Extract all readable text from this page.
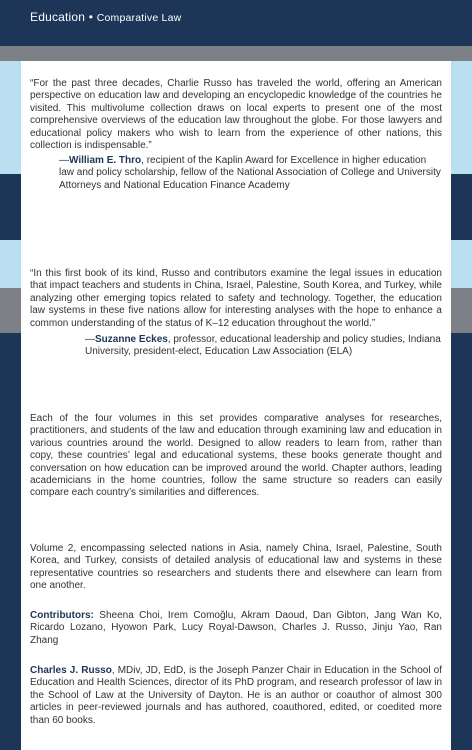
Education • Comparative Law
“For the past three decades, Charlie Russo has traveled the world, offering an American perspective on education law and developing an encyclopedic knowledge of the countries he visited. This multivolume collection draws on local experts to present one of the most comprehensive overviews of the education law throughout the globe. For those lawyers and educational policy makers who wish to learn from the experience of other nations, this collection is indispensable.”
—William E. Thro, recipient of the Kaplin Award for Excellence in higher education law and policy scholarship, fellow of the National Association of College and University Attorneys and National Education Finance Academy
“In this first book of its kind, Russo and contributors examine the legal issues in education that impact teachers and students in China, Israel, Palestine, South Korea, and Turkey, while analyzing other emerging topics related to safety and technology. Together, the education law systems in these five nations allow for interesting analyses with the hope to enhance a common understanding of the status of K–12 education throughout the world.”
—Suzanne Eckes, professor, educational leadership and policy studies, Indiana University, president-elect, Education Law Association (ELA)
Each of the four volumes in this set provides comparative analyses for researches, practitioners, and students of the law and education through examining law and education in various countries around the world. Designed to allow readers to learn from, rather than copy, these countries’ legal and educational systems, these books generate thought and conversation on how education can be improved around the world. Chapter authors, leading academicians in the home countries, follow the same structure so readers can easily compare each country’s similarities and differences.
Volume 2, encompassing selected nations in Asia, namely China, Israel, Palestine, South Korea, and Turkey, consists of detailed analysis of educational law and systems in these representative countries so researchers and students there and elsewhere can learn from one another.
Contributors: Sheena Choi, Irem Comoğlu, Akram Daoud, Dan Gibton, Jang Wan Ko, Ricardo Lozano, Hyowon Park, Lucy Royal-Dawson, Charles J. Russo, Jinju Yao, Ran Zhang
Charles J. Russo, MDiv, JD, EdD, is the Joseph Panzer Chair in Education in the School of Education and Health Sciences, director of its PhD program, and research professor of law in the School of Law at the University of Dayton. He is an author or coauthor of almost 300 articles in peer-reviewed journals and has authored, coauthored, edited, or coedited more than 60 books.
